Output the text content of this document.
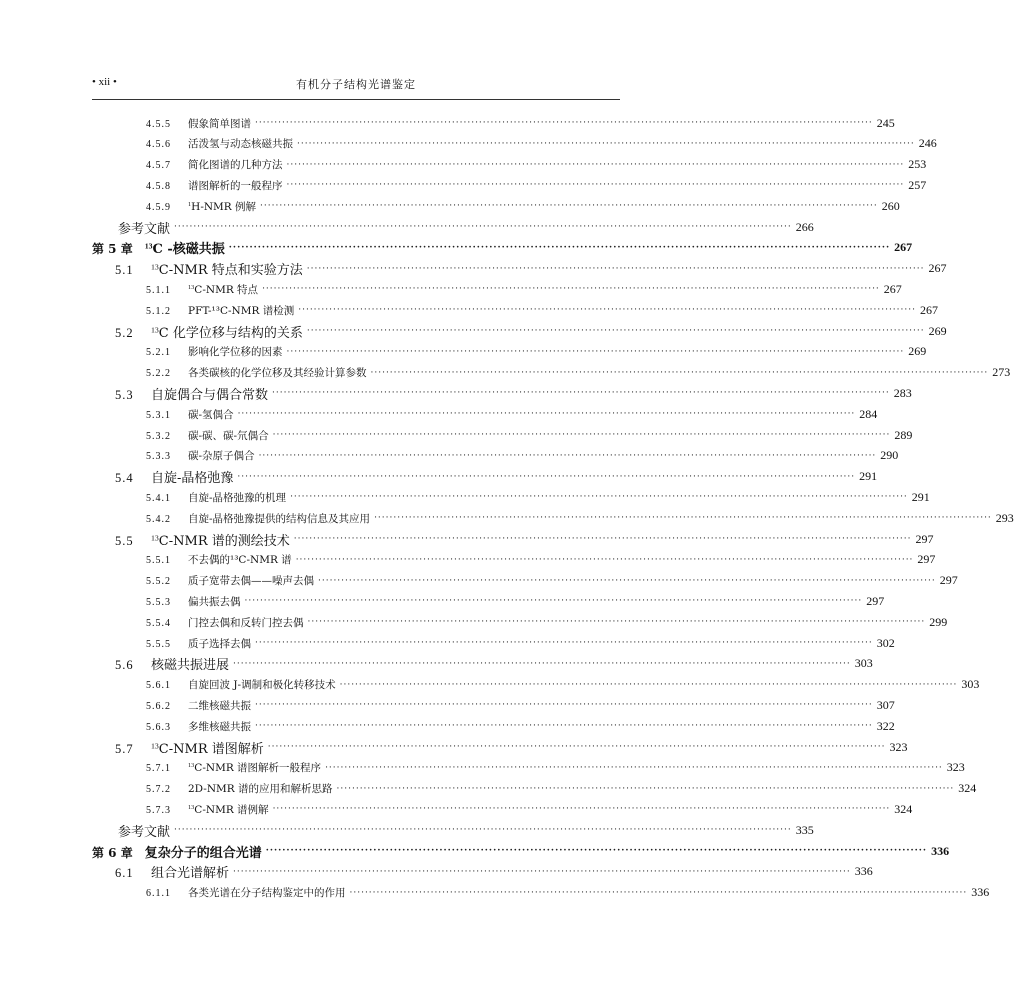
• xii •	有机分子结构光谱鉴定
4.5.5 假象简单图谱 ································································································································································ 245
4.5.6 活泼氢与动态核磁共振 ································································································································································ 246
4.5.7 简化图谱的几种方法 ································································································································································ 253
4.5.8 谱图解析的一般程序 ································································································································································ 257
4.5.9	$^1$H-NMR 例解 ································································································································································ 260
参考文献 ································································································································································ 266
第 5 章 $^{13}$C -核磁共振 ································································································································································ 267
5.1 $^{13}$C-NMR 特点和实验方法 ································································································································································ 267
5.1.1	$^{13}$C-NMR 特点 ································································································································································ 267
5.1.2 PFT-¹³C-NMR 谱检测 ································································································································································ 267
5.2 $^{13}$C 化学位移与结构的关系 ································································································································································ 269
5.2.1 影响化学位移的因素 ································································································································································ 269
5.2.2 各类碳核的化学位移及其经验计算参数 ································································································································································ 273
5.3 自旋偶合与偶合常数 ································································································································································ 283
5.3.1 碳-氢偶合 ································································································································································ 284
5.3.2 碳-碳、碳-氘偶合 ································································································································································ 289
5.3.3 碳-杂原子偶合 ································································································································································ 290
5.4 自旋-晶格弛豫 ································································································································································ 291
5.4.1 自旋-晶格弛豫的机理 ································································································································································ 291
5.4.2 自旋-晶格弛豫提供的结构信息及其应用 ································································································································································ 293
5.5 $^{13}$C-NMR 谱的测绘技术 ································································································································································ 297
5.5.1 不去偶的¹³C-NMR 谱 ································································································································································ 297
5.5.2 质子宽带去偶——噪声去偶 ································································································································································ 297
5.5.3 偏共振去偶 ································································································································································ 297
5.5.4 门控去偶和反转门控去偶 ································································································································································ 299
5.5.5 质子选择去偶 ································································································································································ 302
5.6 核磁共振进展 ································································································································································ 303
5.6.1 自旋回波 J-调制和极化转移技术 ································································································································································ 303
5.6.2 二维核磁共振 ································································································································································ 307
5.6.3 多维核磁共振 ································································································································································ 322
5.7 $^{13}$C-NMR 谱图解析 ································································································································································ 323
5.7.1	$^{13}$C-NMR 谱图解析一般程序 ································································································································································ 323
5.7.2 2D-NMR 谱的应用和解析思路 ································································································································································ 324
5.7.3	$^{13}$C-NMR 谱例解 ································································································································································ 324
参考文献 ································································································································································ 335
第 6 章 复杂分子的组合光谱 ································································································································································ 336
6.1 组合光谱解析 ································································································································································ 336
6.1.1 各类光谱在分子结构鉴定中的作用 ································································································································································ 336
